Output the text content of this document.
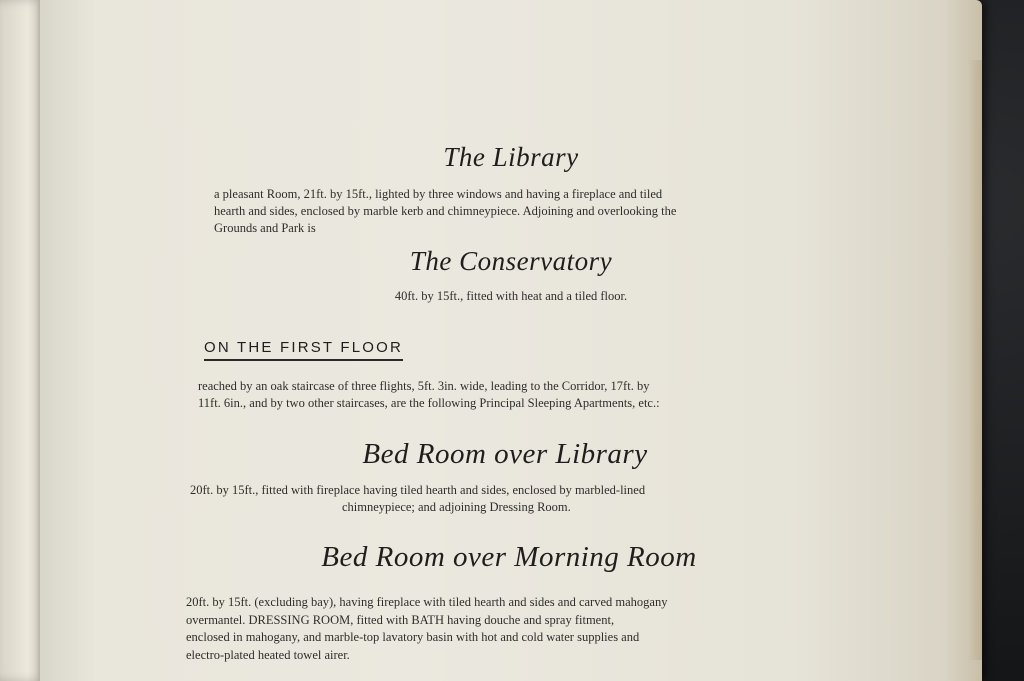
The Library
a pleasant Room, 21ft. by 15ft., lighted by three windows and having a fireplace and tiled
hearth and sides, enclosed by marble kerb and chimneypiece. Adjoining and overlooking the
Grounds and Park is
The Conservatory
40ft. by 15ft., fitted with heat and a tiled floor.
ON THE FIRST FLOOR
reached by an oak staircase of three flights, 5ft. 3in. wide, leading to the Corridor, 17ft. by
11ft. 6in., and by two other staircases, are the following Principal Sleeping Apartments, etc.:
Bed Room over Library
20ft. by 15ft., fitted with fireplace having tiled hearth and sides, enclosed by marbled-lined
chimneypiece; and adjoining Dressing Room.
Bed Room over Morning Room
20ft. by 15ft. (excluding bay), having fireplace with tiled hearth and sides and carved mahogany
overmantel. DRESSING ROOM, fitted with BATH having douche and spray fitment,
enclosed in mahogany, and marble-top lavatory basin with hot and cold water supplies and
electro-plated heated towel airer.
